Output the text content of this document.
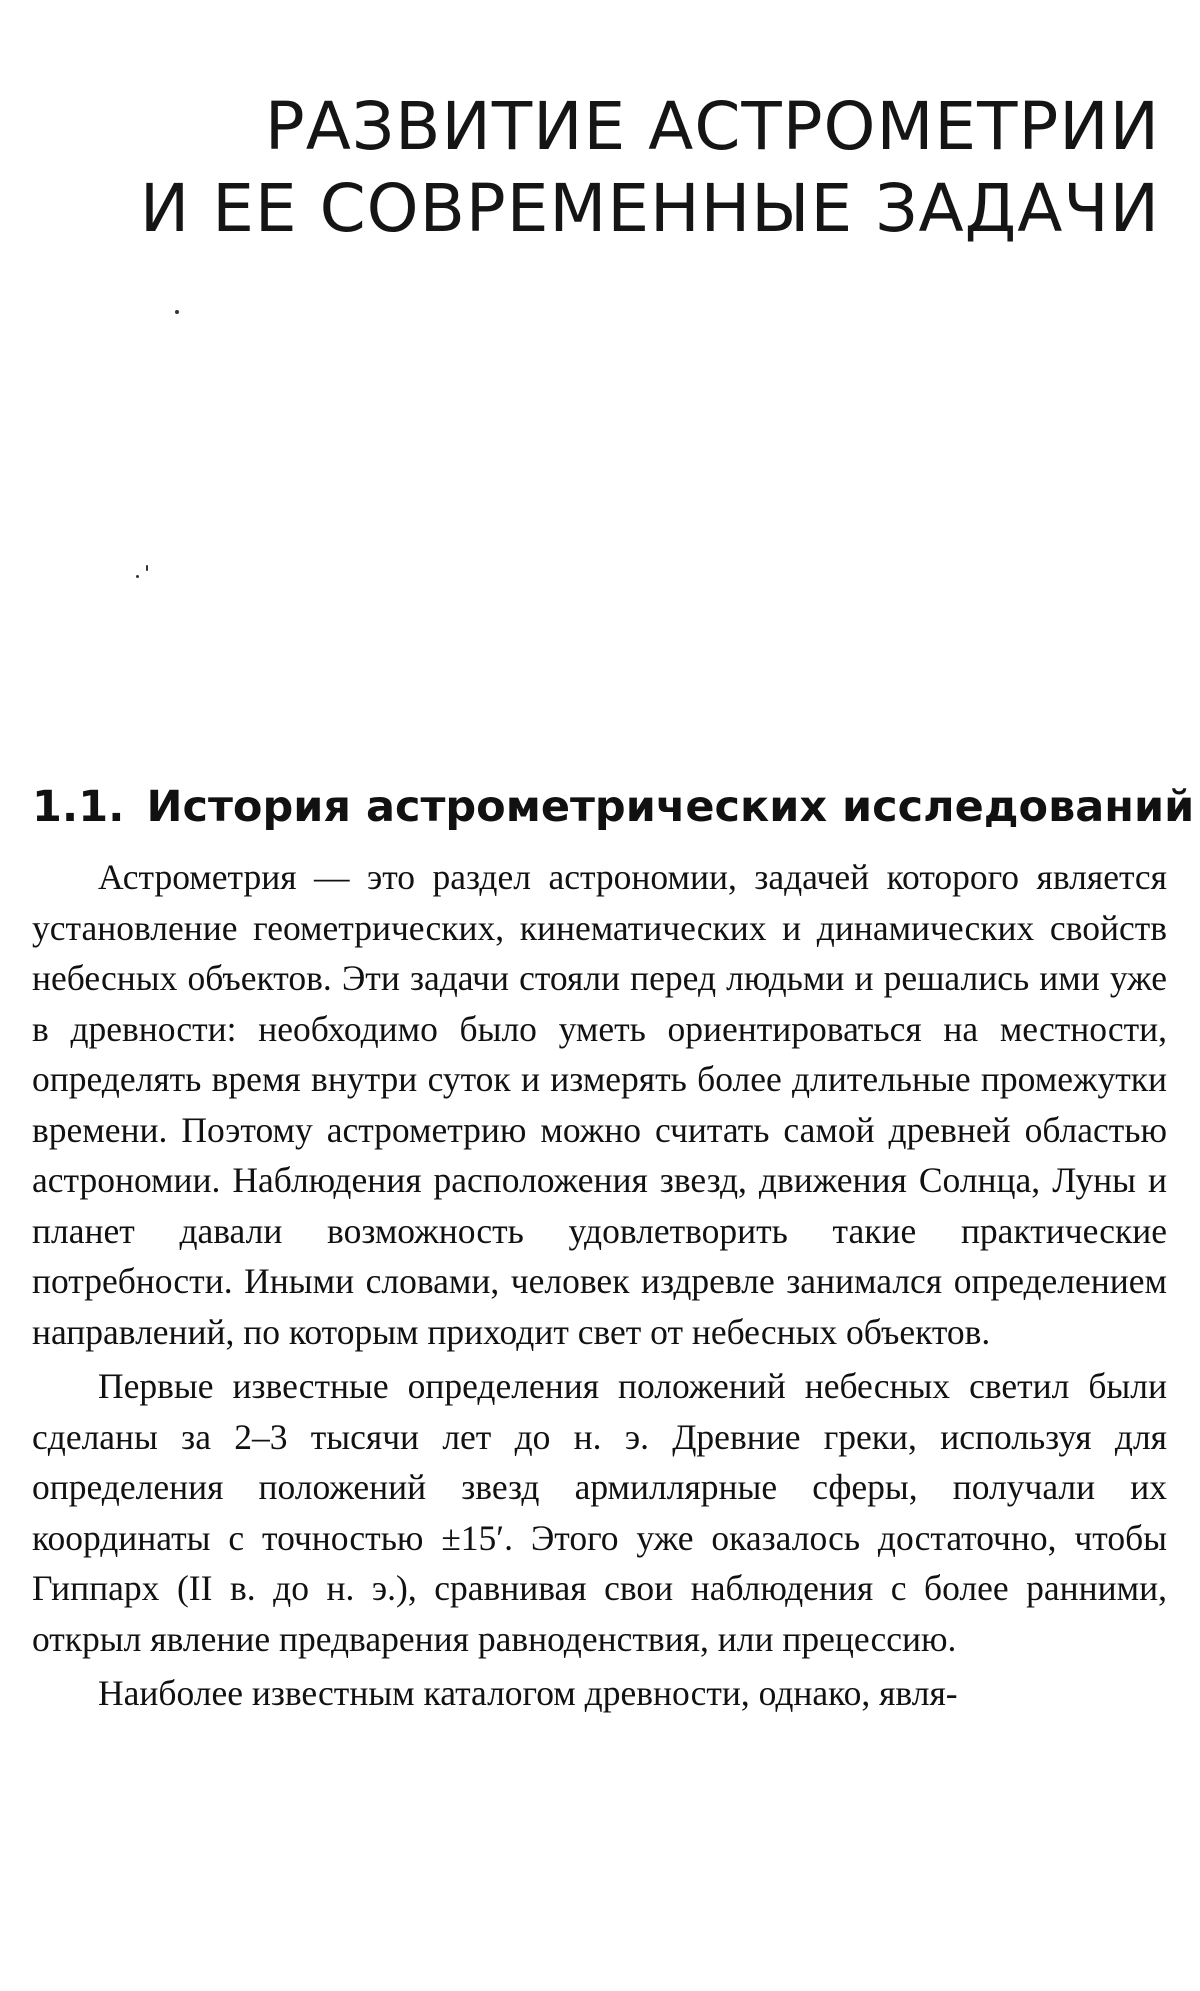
РАЗВИТИЕ АСТРОМЕТРИИ
И ЕЕ СОВРЕМЕННЫЕ ЗАДАЧИ
1.1. История астрометрических исследований

Астрометрия — это раздел астрономии, задачей которого является установление геометрических, кинематических и динамических свойств небесных объектов. Эти задачи стояли перед людьми и решались ими уже в древности: необходимо было уметь ориентироваться на местности, определять время внутри суток и измерять более длительные промежутки времени. Поэтому астрометрию можно считать самой древней областью астрономии. Наблюдения расположения звезд, движения Солнца, Луны и планет давали возможность удовлетворить такие практические потребности. Иными словами, человек издревле занимался определением направлений, по которым приходит свет от небесных объектов.

Первые известные определения положений небесных светил были сделаны за 2–3 тысячи лет до н. э. Древние греки, используя для определения положений звезд армиллярные сферы, получали их координаты с точностью ±15′. Этого уже оказалось достаточно, чтобы Гиппарх (II в. до н. э.), сравнивая свои наблюдения с более ранними, открыл явление предварения равноденствия, или прецессию.

Наиболее известным каталогом древности, однако, явля-
